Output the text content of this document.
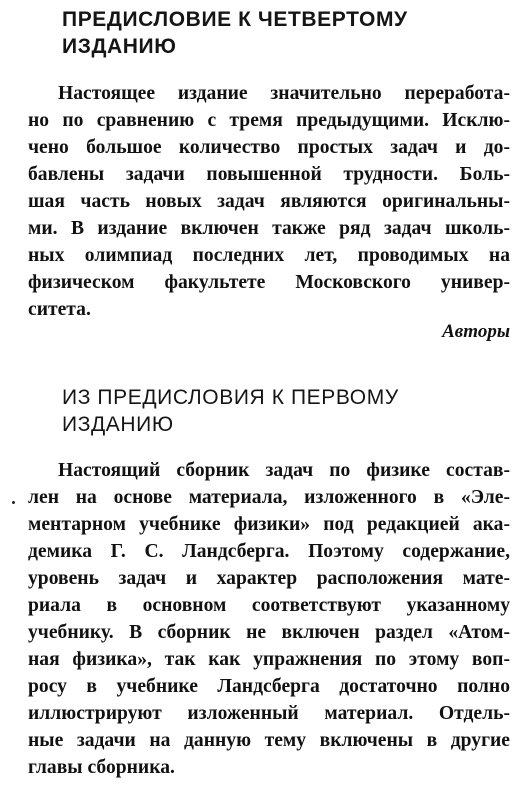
ПРЕДИСЛОВИЕ К ЧЕТВЕРТОМУ
ИЗДАНИЮ

Настоящее издание значительно переработа-
но по сравнению с тремя предыдущими. Исклю-
чено большое количество простых задач и до-
бавлены задачи повышенной трудности. Боль-
шая часть новых задач являются оригинальны-
ми. В издание включен также ряд задач школь-
ных олимпиад последних лет, проводимых на
физическом факультете Московского универ-
ситета.

Авторы

ИЗ ПРЕДИСЛОВИЯ К ПЕРВОМУ
ИЗДАНИЮ

Настоящий сборник задач по физике состав-
лен на основе материала, изложенного в «Эле-
ментарном учебнике физики» под редакцией ака-
демика Г. С. Ландсберга. Поэтому содержание,
уровень задач и характер расположения мате-
риала в основном соответствуют указанному
учебнику. В сборник не включен раздел «Атом-
ная физика», так как упражнения по этому воп-
росу в учебнике Ландсберга достаточно полно
иллюстрируют изложенный материал. Отдель-
ные задачи на данную тему включены в другие
главы сборника.
